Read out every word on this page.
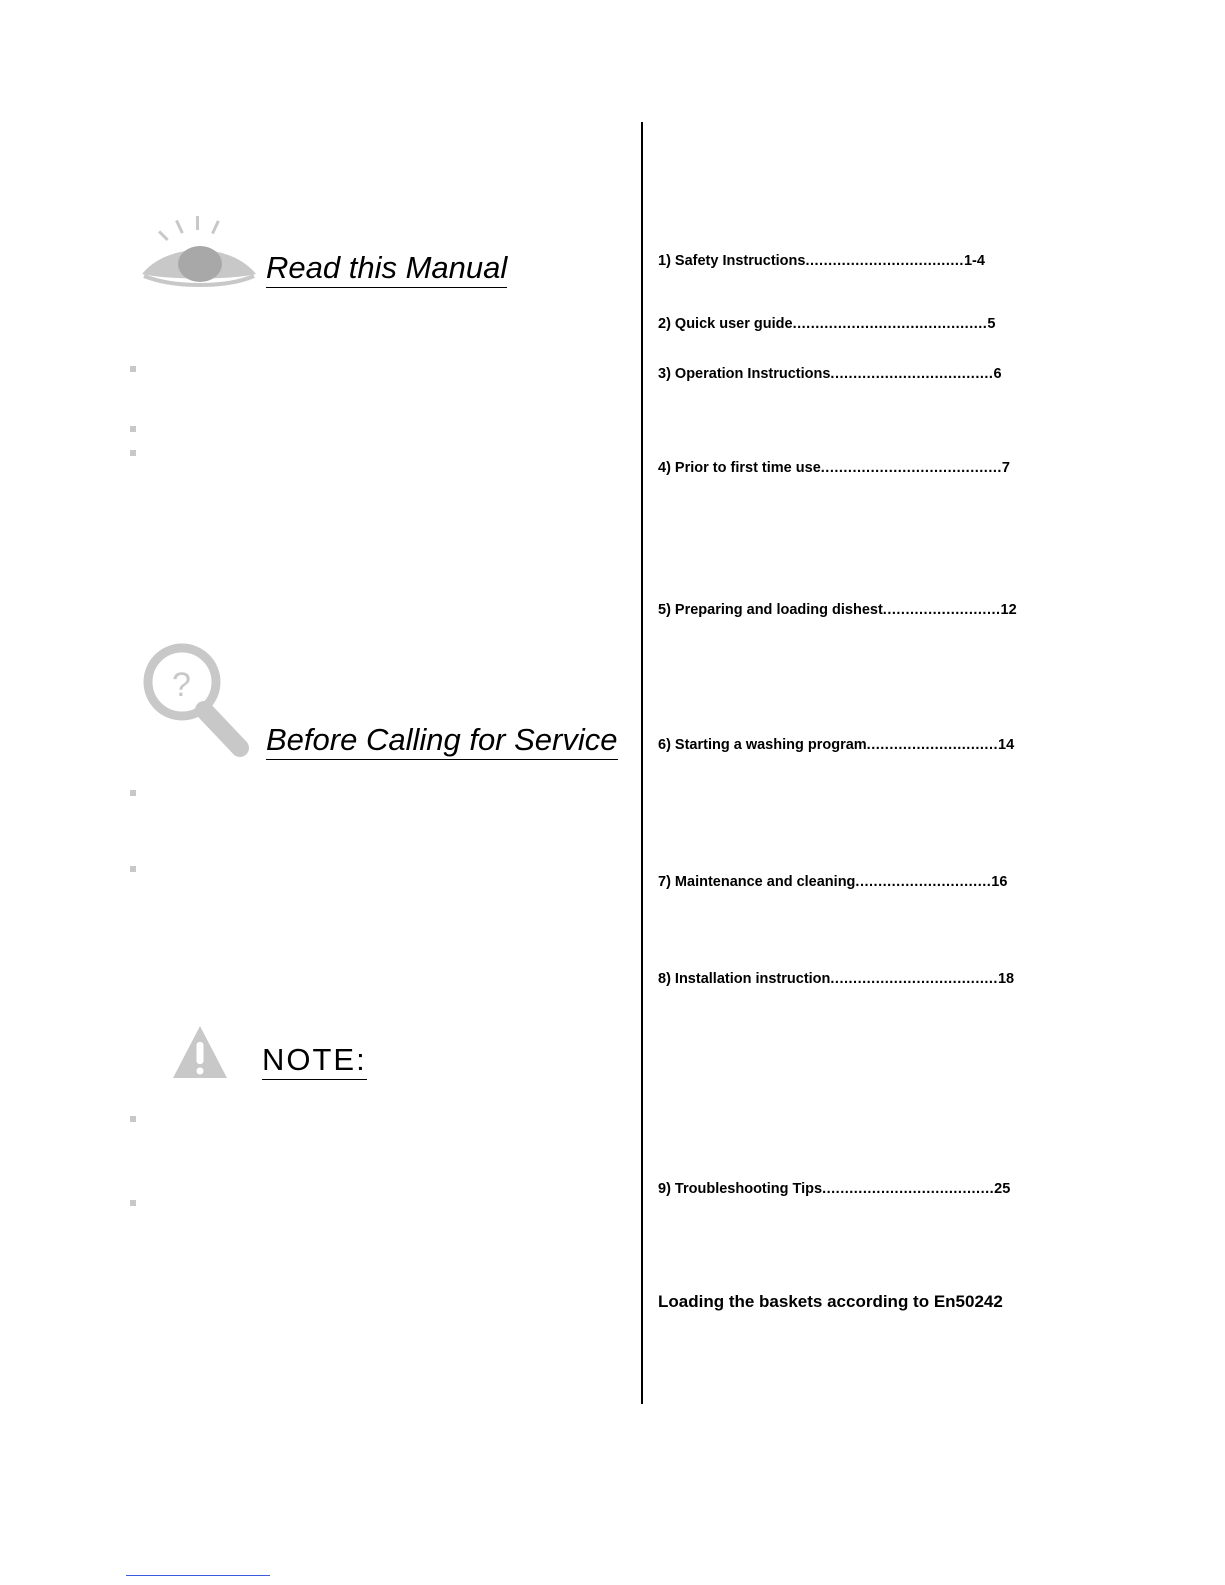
Read this Manual
?
Before Calling for Service
NOTE:
1) Safety Instructions...................................1-4
2) Quick user guide...........................................5
3) Operation Instructions....................................6
4) Prior to first time use........................................7
5) Preparing and loading dishest..........................12
6) Starting a washing program.............................14
7) Maintenance and cleaning..............................16
8) Installation instruction.....................................18
9) Troubleshooting Tips......................................25
Loading the baskets according to En50242
